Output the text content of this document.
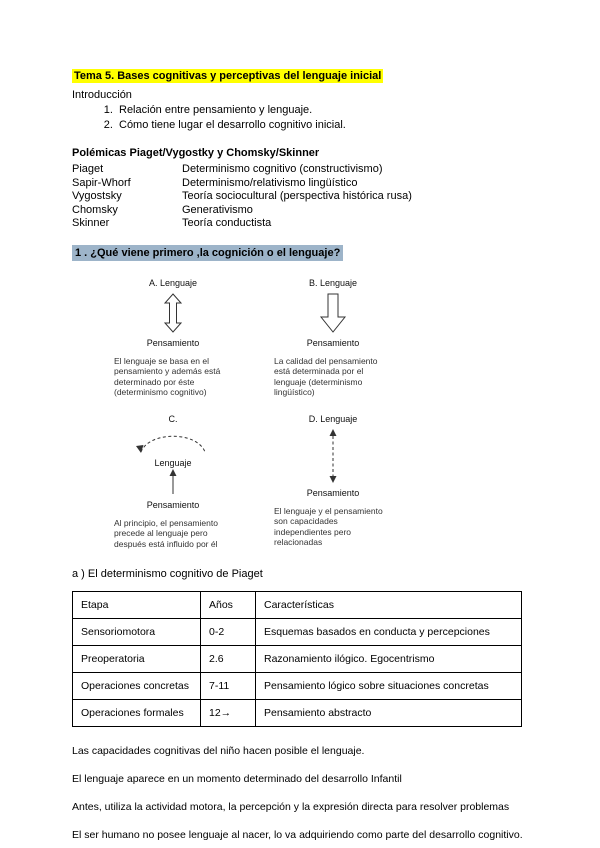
Tema 5. Bases cognitivas y perceptivas del lenguaje inicial
Introducción
1. Relación entre pensamiento y lenguaje.
2. Cómo tiene lugar el desarrollo cognitivo inicial.
Polémicas Piaget/Vygostky y Chomsky/Skinner
Piaget	Determinismo cognitivo (constructivismo)
Sapir-Whorf	Determinismo/relativismo lingüístico
Vygostsky	Teoría sociocultural (perspectiva histórica rusa)
Chomsky	Generativismo
Skinner	Teoría conductista
1 . ¿Qué viene primero ,la cognición o el lenguaje?
A. Lenguaje
Pensamiento
El lenguaje se basa en el pensamiento y además está determinado por éste (determinismo cognitivo)
B. Lenguaje
Pensamiento
La calidad del pensamiento está determinada por el lenguaje (determinismo lingüístico)
C.
Lenguaje
Pensamiento
Al principio, el pensamiento precede al lenguaje pero después está influido por él
D. Lenguaje
Pensamiento
El lenguaje y el pensamiento son capacidades independientes pero relacionadas
a ) El determinismo cognitivo de Piaget
Etapa	Años	Características
Sensoriomotora	0-2	Esquemas basados en conducta y percepciones
Preoperatoria	2.6	Razonamiento ilógico. Egocentrismo
Operaciones concretas	7-11	Pensamiento lógico sobre situaciones concretas
Operaciones formales	12→	Pensamiento abstracto

Las capacidades cognitivas del niño hacen posible el lenguaje.

El lenguaje aparece en un momento determinado del desarrollo Infantil

Antes, utiliza la actividad motora, la percepción y la expresión directa para resolver problemas

El ser humano no posee lenguaje al nacer, lo va adquiriendo como parte del desarrollo cognitivo.
